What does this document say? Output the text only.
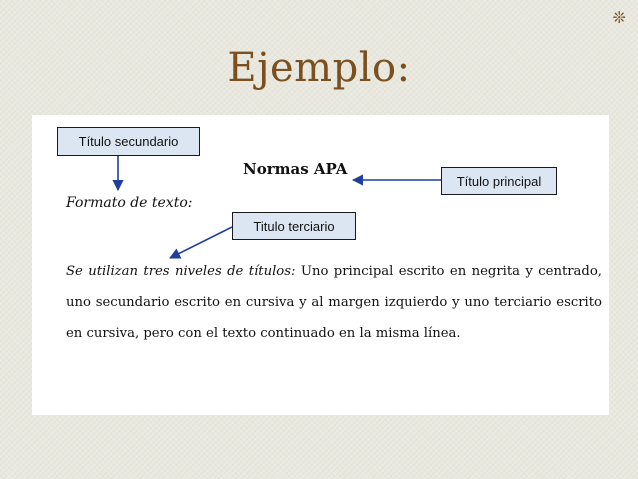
❊
Ejemplo:
Normas APA
Formato de texto:

Se utilizan tres niveles de títulos: Uno principal escrito en negrita y centrado, uno secundario escrito en cursiva y al margen izquierdo y uno terciario escrito en cursiva, pero con el texto continuado en la misma línea.

Título secundario
Título principal
Titulo terciario
